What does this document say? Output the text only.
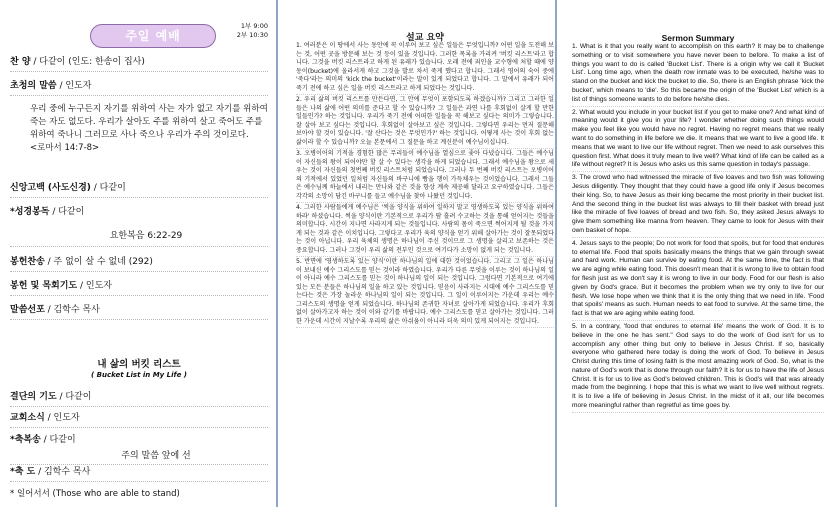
주일 예배
1부 9:00
2부 10:30
찬 양 / 다같이 (인도: 한송이 집사)
초청의 말씀 / 인도자
우리 중에 누구든지 자기를 위하여 사는 자가 없고 자기를 위하여 죽는 자도 없도다. 우리가 살아도 주를 위하여 살고 죽어도 주를 위하여 죽나니 그러므로 사나 죽으나 우리가 주의 것이로다.
<로마서 14:7-8>
신앙고백 (사도신경) / 다같이
*성경봉독 / 다같이
요한복음 6:22-29
봉헌찬송 / 주 없이 살 수 없네 (292)
봉헌 및 목회기도 / 인도자
말씀선포 / 김학수 목사
내 삶의 버킷 리스트
( Bucket List in My Life )
결단의 기도 / 다같이
교회소식 / 인도자
*축복송 / 다같이
주의 말씀 앞에 선
*축 도 / 김학수 목사
* 일어서서 (Those who are able to stand)
설교 요약

1. 여러분은 이 땅에서 사는 동안에 꼭 이루어 보고 싶은 일들은 무엇입니까? 어떤 일을 도전해 보는 것, 어떤 곳을 방문해 보는 것 등이 있을 것입니다. 그러한 목록을 가리켜 '버킷 리스트'라고 합니다. 그것을 버킷 리스트라고 하게 된 유래가 있습니다. 오래 전에 죄인을 교수형에 처할 때에 양동이(bucket)에 올라서게 하고 그것을 발로 차서 죽게 했다고 합니다. 그래서 영어의 숙어 중에 '죽다'라는 의미의 'kick the bucket'이라는 말이 있게 되었다고 합니다. 그 말에서 유래가 되어 죽기 전에 하고 싶은 일을 버킷 리스트라고 하게 되었다는 것입니다.

2. 우리 삶의 버킷 리스트를 만든다면, 그 안에 무엇이 포함되도록 하겠습니까? 그리고 그러한 일들은 나의 삶에 어떤 의미를 준다고 할 수 있습니까? 그 일들은 과연 나를 후회없이 살게 할 만한 일들인가? 하는 것입니다. 우리가 죽기 전에 어떠한 일들을 꼭 해보고 싶다는 의미가 그렇습니다. 잘 살아 보고 싶다는 것입니다. 후회없이 살아보고 싶은 것입니다. 그렇다면 우리는 먼저 질문해 보아야 할 것이 있습니다. '잘 산다는 것은 무엇인가?' 하는 것입니다. 어떻게 사는 것이 후회 없는 삶이라 할 수 있습니까? 오늘 본문에서 그 질문을 하고 계신분이 예수님이십니다.

3. 오병이어의 기적을 경험한 많은 무리들이 예수님을 열심으로 좇아 다녔습니다. 그들은 예수님이 자신들의 왕이 되어야만 할 살 수 있다는 생각을 하게 되었습니다. 그래서 예수님을 왕으로 세우는 것이 자신들의 첫번째 버킷 리스트처럼 되었습니다. 그러나 두 번째 버킷 리스트는 오병이어의 기적에서 있었던 일처럼 자신들의 바구니에 빵을 행이 가득채우는 것이었습니다. 그래서 그들은 예수님께 하늘에서 내리는 만나와 같은 것을 항상 계속 제공해 달라고 요구하였습니다. 그들은 각각의 소망이 담긴 바구니를 들고 예수님을 찾아 나왔던 것입니다.

4. 그러한 사람들에게 예수님은 '썩을 양식을 위하여 일하지 말고 영생하도록 있는 양식을 위하여 하라' 하셨습니다. 썩을 양식이란 기본적으로 우리가 땀 흘려 수고하는 것을 통해 얻어지는 것들을 의미합니다. 시간이 지나면 사라지게 되는 것들입니다. 사람의 몸이 죽으면 썩어지게 될 것을 가지게 되는 것과 같은 이치입니다. 그렇다고 우리가 육의 양식을 얻기 위해 살아가는 것이 잘못되었다는 것이 아닙니다. 우리 육체의 생명은 하나님이 주신 것이므로 그 생명을 살리고 보존하는 것은 중요합니다. 그러나 그것이 우리 삶의 전부인 것으로 여기다가 소망이 없게 되는 것입니다.

5. 반면에 '영생하도록 있는 양식'이란 하나님의 일에 대한 것이었습니다. 그리고 그 일은 하나님이 보내신 예수 그리스도를 믿는 것이라 하였습니다. 우리가 다른 무엇을 이루는 것이 하나님의 일이 아니라 예수 그리스도를 믿는 것이 하나님의 일이 되는 것입니다. 그럼다면 기본적으로 여기에 있는 모든 분들은 하나님의 일을 하고 있는 것입니다. 믿음이 사라지는 시대에 예수 그리스도를 믿는다는 것은 가장 놀라운 하나님의 일이 되는 것입니다. 그 일이 이루어지는 가운데 우리는 예수 그리스도의 생명을 얻게 되었습니다. 하나님의 존귀한 자녀로 살아가게 되었습니다. 우리가 후회없이 살아가고자 하는 것이 이와 같기를 바랍니다. 예수 그리스도를 믿고 살아가는 것입니다. 그러한 가운데 시간이 지날수록 우리의 삶은 아쉬움이 아니라 더욱 의미 있게 되어지는 것입니다.

Sermon Summary

1. What is it that you really want to accomplish on this earth? It may be to challenge something or to visit somewhere you have never been to before. To make a list of things you want to do is called 'Bucket List'. There is a origin why we call it 'Bucket List'. Long time ago, when the death row inmate was to be executed, he/she was to stand on the bucket and kick the bucket to die. So, there is an English phrase 'kick the bucket', which means to 'die'. So this became the origin of the 'Bucket List' which is a list of things someone wants to do before he/she dies.

2. What would you include in your bucket list if you get to make one? And what kind of meaning would it give you in your life? I wonder whether doing such things would make you feel like you would have no regret. Having no regret means that we really want to do something in life before we die. It means that we want to live a good life. It means that we want to live our life without regret. Then we need to ask ourselves this question first. What does it truly mean to live well? What kind of life can be called as a life without regret? It is Jesus who asks us this same question in today's passage.

3. The crowd who had witnessed the miracle of five loaves and two fish was following Jesus diligently. They thought that they could have a good life only if Jesus becomes their king. So, to have Jesus as their king became the most priority in their bucket list. And the second thing in the bucket list was always to fill their basket with bread just like the miracle of five loaves of bread and two fish. So, they asked Jesus always to give them something like manna from heaven. They came to look for Jesus with their own basket of hope.

4. Jesus says to the people; Do not work for food that spoils, but for food that endures to eternal life. Food that spoils basically means the things that we gain through sweat and hard work. Human can survive by eating food. At the same time, the fact is that we are aging while eating food. This doesn't mean that it is wrong to live to obtain food for flesh just as we don't say it is wrong to live in our body. Food for our flesh is also given by God's grace. But it becomes the problem when we try only to live for our flesh. We lose hope when we think that it is the only thing that we need in life. 'Food that spoils' means as such. Human needs to eat food to survive. At the same time, the fact is that we are aging while eating food.

5. In a contrary, 'food that endures to eternal life' means the work of God. It is to believe in the one he has sent." God says to do the work of God isn't for us to accomplish any other thing but only to believe in Jesus Christ. If so, basically everyone who gathered here today is doing the work of God. To believe in Jesus Christ during this time of losing faith is the most amazing work of God. So, what is the nature of God's work that is done through our faith? It is for us to have the life of Jesus Christ. It is for us to live as God's beloved children. This is God's will that was already made from the beginning. I hope that this is what we want to live well without regrets. It is to live a life of believing in Jesus Christ. In the midst of it all, our life becomes more meaningful rather than regretful as time goes by.
